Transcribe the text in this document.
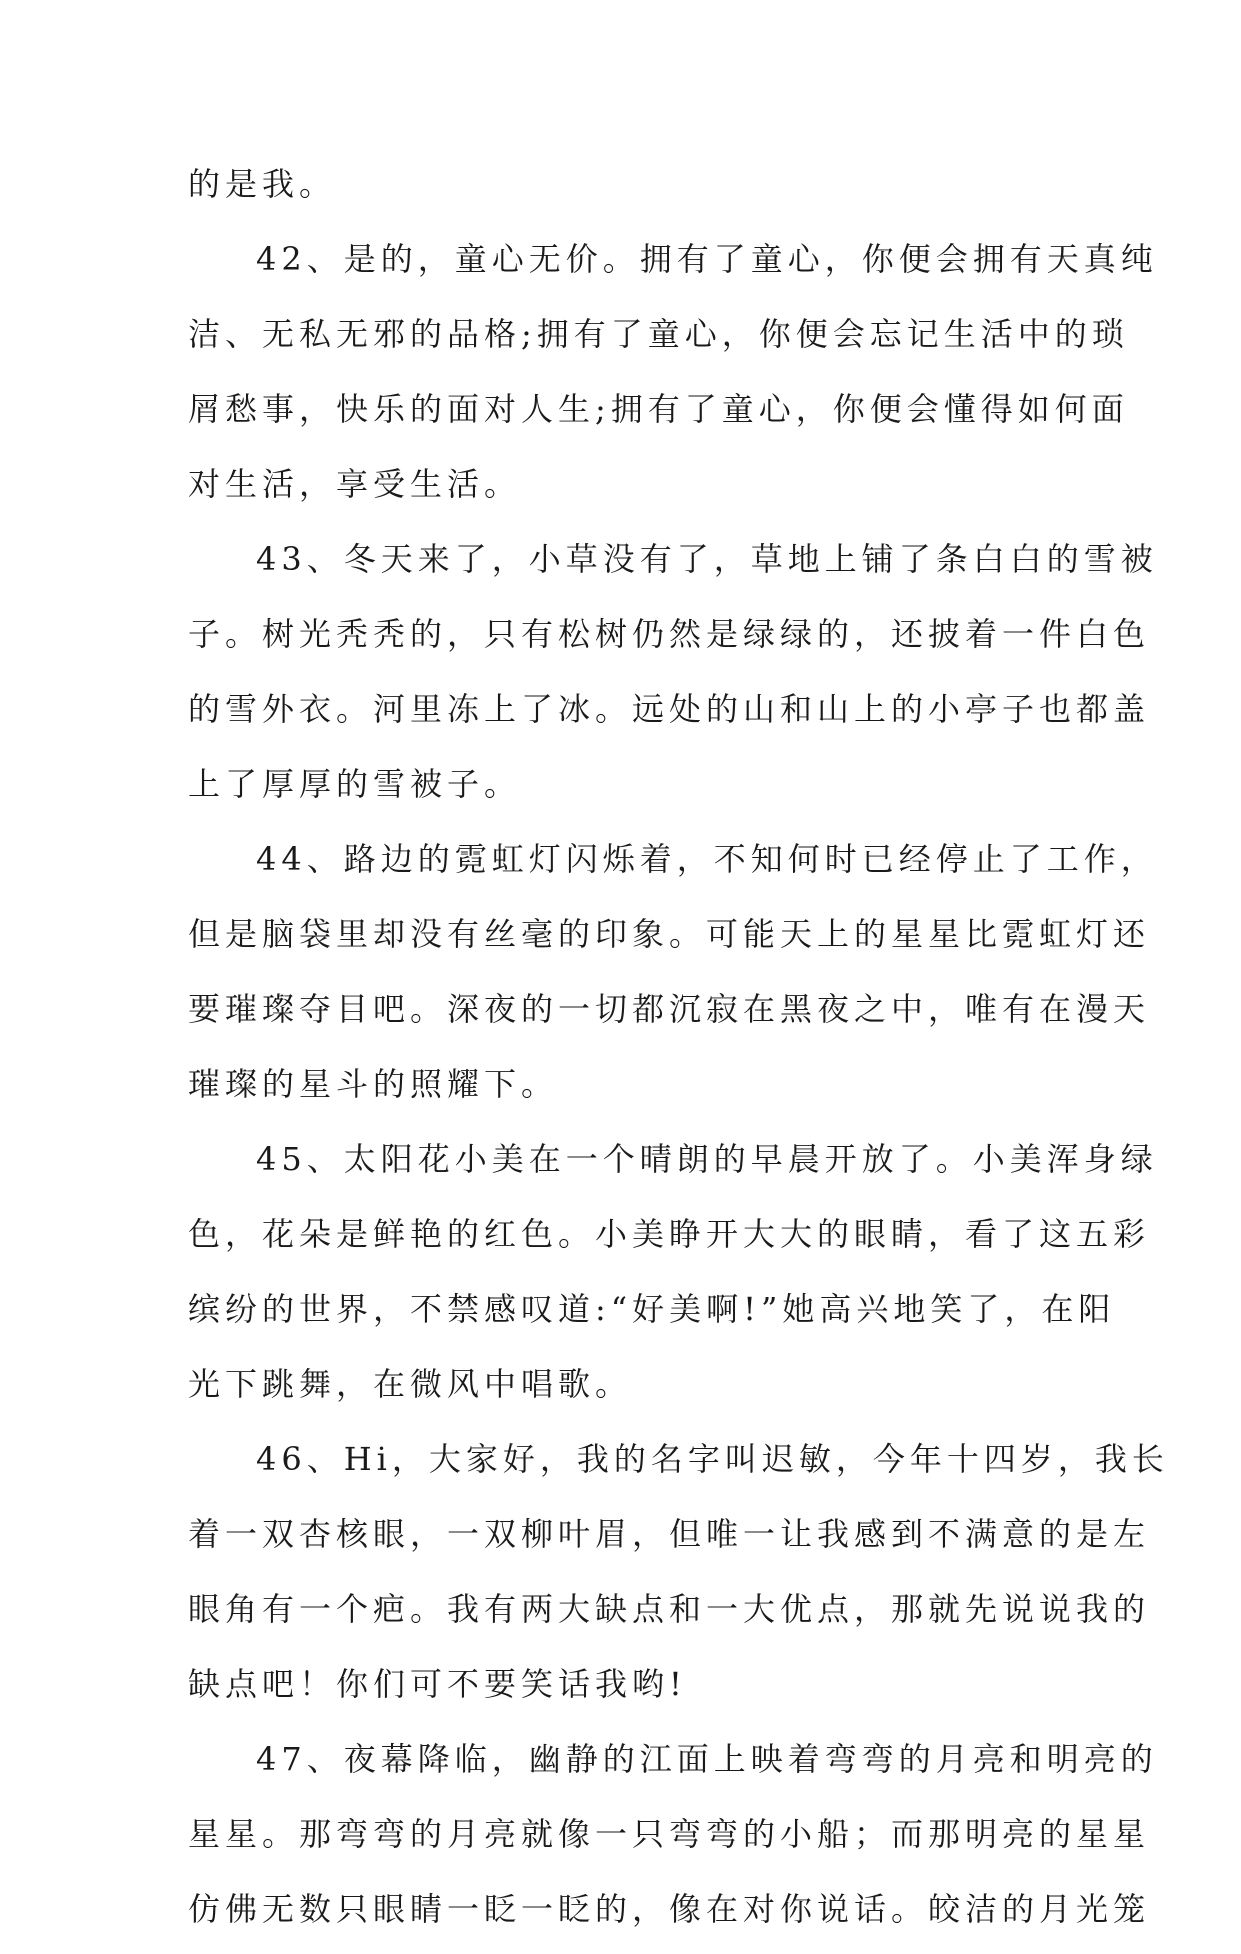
的是我。
42、是的，童心无价。拥有了童心，你便会拥有天真纯
洁、无私无邪的品格;拥有了童心，你便会忘记生活中的琐
屑愁事，快乐的面对人生;拥有了童心，你便会懂得如何面
对生活，享受生活。
43、冬天来了，小草没有了，草地上铺了条白白的雪被
子。树光秃秃的，只有松树仍然是绿绿的，还披着一件白色
的雪外衣。河里冻上了冰。远处的山和山上的小亭子也都盖
上了厚厚的雪被子。
44、路边的霓虹灯闪烁着，不知何时已经停止了工作，
但是脑袋里却没有丝毫的印象。可能天上的星星比霓虹灯还
要璀璨夺目吧。深夜的一切都沉寂在黑夜之中，唯有在漫天
璀璨的星斗的照耀下。
45、太阳花小美在一个晴朗的早晨开放了。小美浑身绿
色，花朵是鲜艳的红色。小美睁开大大的眼睛，看了这五彩
缤纷的世界，不禁感叹道:“好美啊!”她高兴地笑了，在阳
光下跳舞，在微风中唱歌。
46、Hi，大家好，我的名字叫迟敏，今年十四岁，我长
着一双杏核眼，一双柳叶眉，但唯一让我感到不满意的是左
眼角有一个疤。我有两大缺点和一大优点，那就先说说我的
缺点吧！你们可不要笑话我哟!
47、夜幕降临，幽静的江面上映着弯弯的月亮和明亮的
星星。那弯弯的月亮就像一只弯弯的小船；而那明亮的星星
仿佛无数只眼睛一眨一眨的，像在对你说话。皎洁的月光笼
